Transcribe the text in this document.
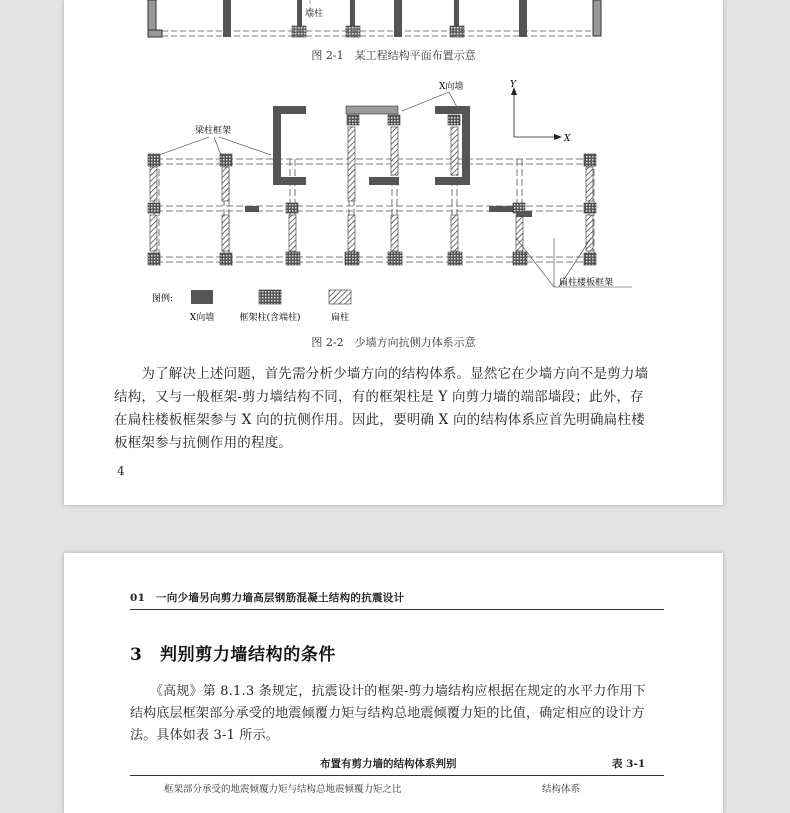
端柱
图 2-1　某工程结构平面布置示意
Y
X
X向墙
梁柱框架
扁柱楼板框架
图例:
X向墙	框架柱(含端柱)	扁柱
图 2-2　少墙方向抗侧力体系示意
　　为了解决上述问题，首先需分析少墙方向的结构体系。显然它在少墙方向不是剪力墙
结构，又与一般框架-剪力墙结构不同，有的框架柱是 Y 向剪力墙的端部墙段；此外，存
在扁柱楼板框架参与 X 向的抗侧作用。因此，要明确 X 向的结构体系应首先明确扁柱楼
板框架参与抗侧作用的程度。
4
01　一向少墙另向剪力墙高层钢筋混凝土结构的抗震设计
3　判别剪力墙结构的条件
　　《高规》第 8.1.3 条规定，抗震设计的框架-剪力墙结构应根据在规定的水平力作用下
结构底层框架部分承受的地震倾覆力矩与结构总地震倾覆力矩的比值，确定相应的设计方
法。具体如表 3-1 所示。
布置有剪力墙的结构体系判别	表 3-1
框架部分承受的地震倾覆力矩与结构总地震倾覆力矩之比	结构体系
